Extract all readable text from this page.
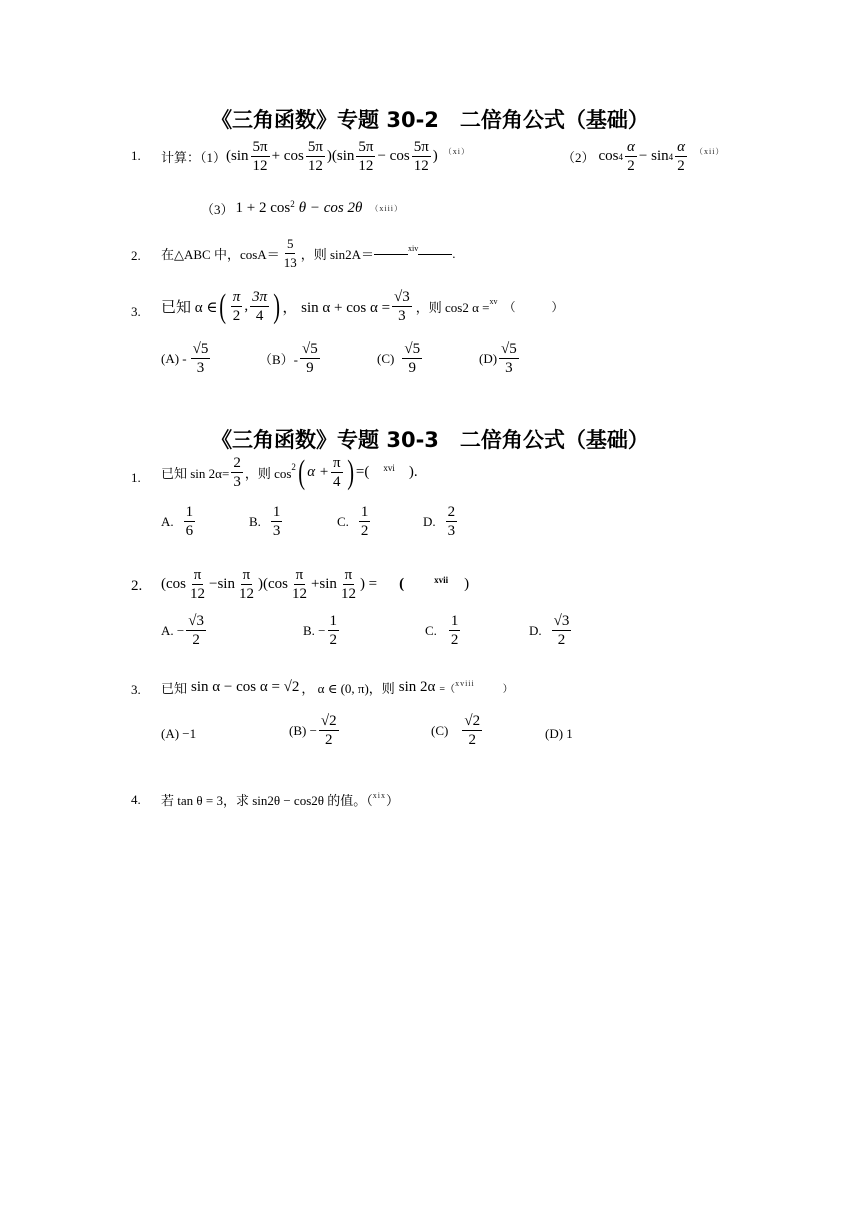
《三角函数》专题 30-2　二倍角公式（基础）
1. 计算：（1） $(\sin \frac{5\pi}{12} + \cos \frac{5\pi}{12} )(\sin \frac{5\pi}{12} - \cos \frac{5\pi}{12}$ ) （xi）	（2） $\cos 4 \frac{\alpha}{2} - \sin 4 \frac{\alpha}{2} (xii)$
（3） 1 + 2 cos 2 θ − cos 2θ （xiii）
2. 在△ABC 中，$\cos A= \frac{5}{13}$ ，则 sin2A＝	xiv	.
3. 已知 α ∈ ( $\frac{\pi}{2}$ , $\frac{3\pi}{4}$ ) ， $\sin \alpha + \cos \alpha = \frac{√3}{3}$ ，则 cos2 α = xv （　　　）
$(A) - \frac{√5}{3}$	$(B)- \frac{√5}{9}$	$(C) \frac{√5}{9}$	$(D) \frac{√5}{3}$
《三角函数》专题 30-3　二倍角公式（基础）
1. 已知 $\sin 2\alpha= \frac{2}{3}$ ，则 cos 2 ( $\alpha + \frac{\pi}{4}$ ) =( xvi ).
A. $\frac{1}{6}$	B. $\frac{1}{3}$	C. $\frac{1}{2}$	D. $\frac{2}{3}$
2. $(\cos \frac{\pi}{12} -\sin \frac{\pi}{12} )(\cos \frac{\pi}{12} +\sin \frac{\pi}{12}$ ) = (	xvii )
A. − $\frac{√3}{2}$	B. − $\frac{1}{2}$	C. $\frac{1}{2}$	D. $\frac{√3}{2}$
3. 已知 sin α − cos α = √2 ， α ∈ (0, π)，则 sin 2α =（
xviii
）
(A) −1	$(B) - \frac{√2}{2}$	$(C) \frac{√2}{2}$	(D) 1
4. 若 tan θ = 3，求 sin2θ − cos2θ 的值。（ xix ）
